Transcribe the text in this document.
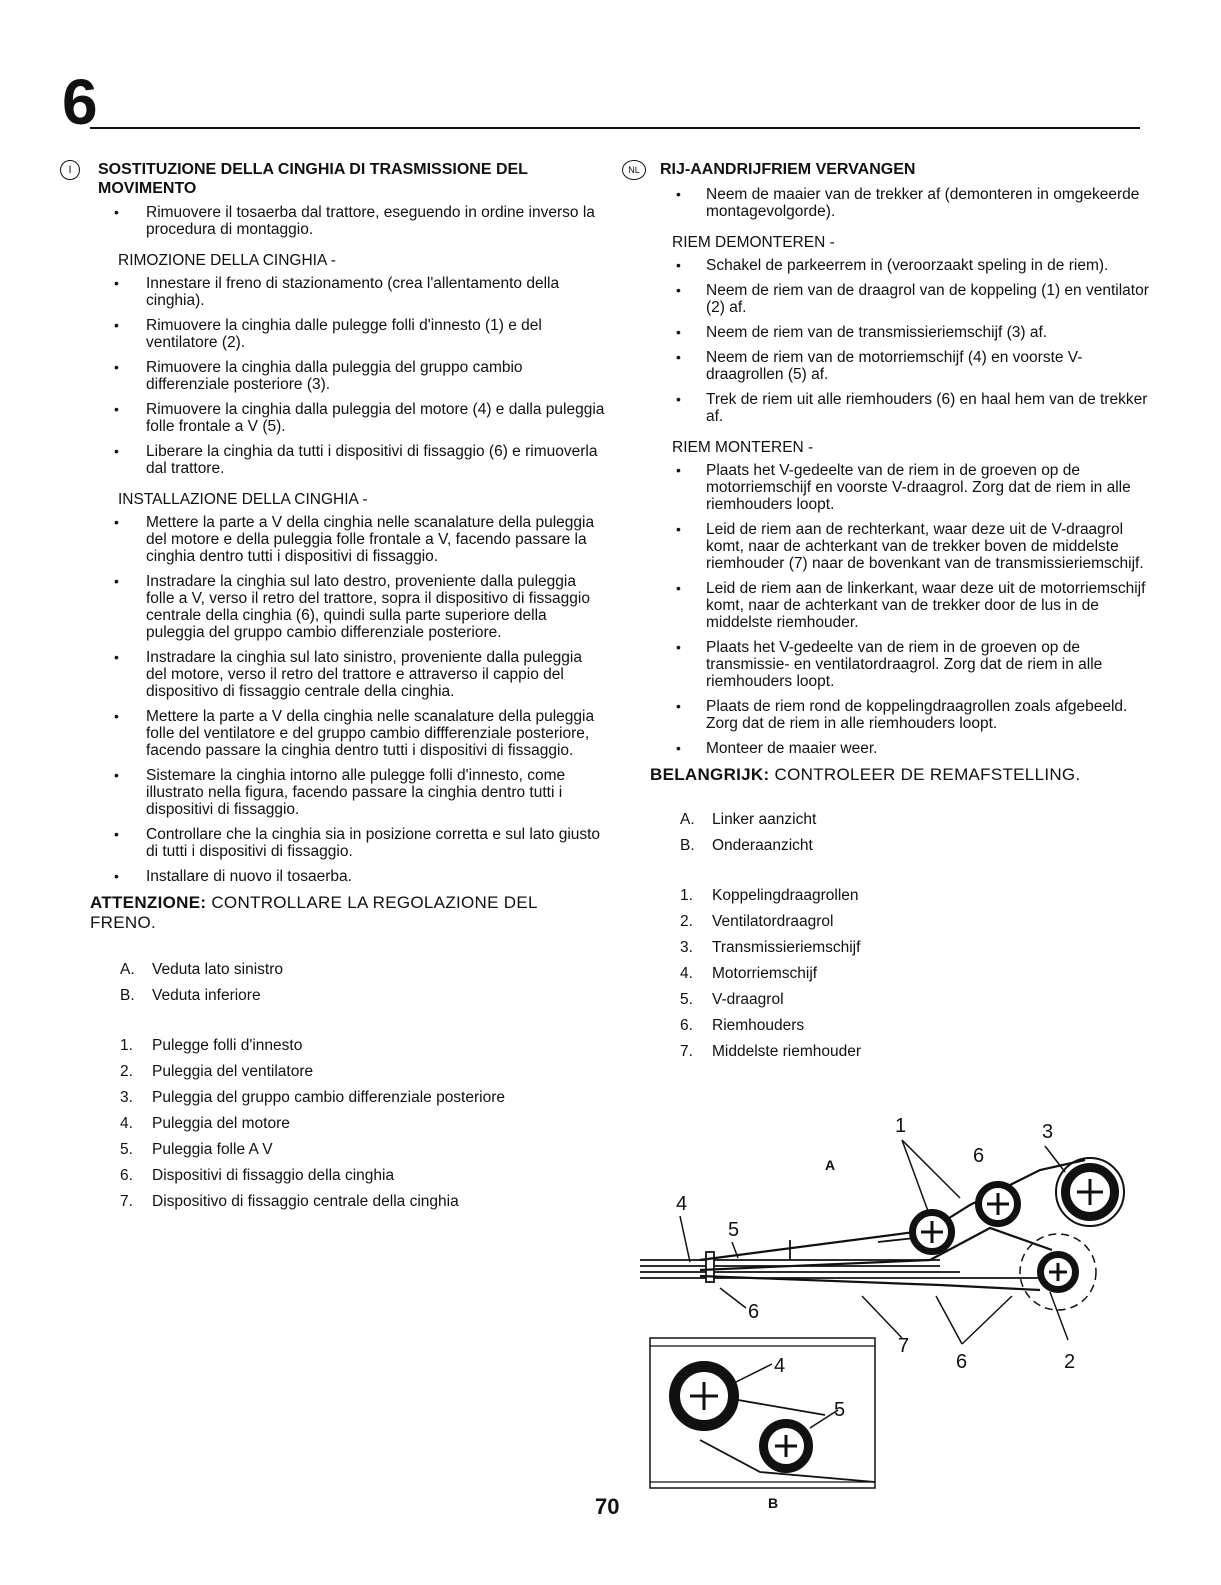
6
I	SOSTITUZIONE DELLA CINGHIA DI TRASMISSIONE DEL MOVIMENTO
• Rimuovere il tosaerba dal trattore, eseguendo in ordine inverso la procedura di montaggio.
RIMOZIONE DELLA CINGHIA -
• Innestare il freno di stazionamento (crea l'allentamento della cinghia).
• Rimuovere la cinghia dalle pulegge folli d'innesto (1) e del ventilatore (2).
• Rimuovere la cinghia dalla puleggia del gruppo cambio differenziale posteriore (3).
• Rimuovere la cinghia dalla puleggia del motore (4) e dalla puleggia folle frontale a V (5).
• Liberare la cinghia da tutti i dispositivi di fissaggio (6) e rimuoverla dal trattore.
INSTALLAZIONE DELLA CINGHIA -
• Mettere la parte a V della cinghia nelle scanalature della puleggia del motore e della puleggia folle frontale a V, facendo passare la cinghia dentro tutti i dispositivi di fissaggio.
• Instradare la cinghia sul lato destro, proveniente dalla puleggia folle a V, verso il retro del trattore, sopra il dispositivo di fissaggio centrale della cinghia (6), quindi sulla parte superiore della puleggia del gruppo cambio differenziale posteriore.
• Instradare la cinghia sul lato sinistro, proveniente dalla puleggia del motore, verso il retro del trattore e attraverso il cappio del dispositivo di fissaggio centrale della cinghia.
• Mettere la parte a V della cinghia nelle scanalature della puleggia folle del ventilatore e del gruppo cambio diffferenziale posteriore, facendo passare la cinghia dentro tutti i dispositivi di fissaggio.
• Sistemare la cinghia intorno alle pulegge folli d'innesto, come illustrato nella figura, facendo passare la cinghia dentro tutti i dispositivi di fissaggio.
• Controllare che la cinghia sia in posizione corretta e sul lato giusto di tutti i dispositivi di fissaggio.
• Installare di nuovo il tosaerba.
ATTENZIONE: CONTROLLARE LA REGOLAZIONE DEL FRENO.
A.	Veduta lato sinistro
B.	Veduta inferiore
1.	Pulegge folli d'innesto
2.	Puleggia del ventilatore
3.	Puleggia del gruppo cambio differenziale posteriore
4.	Puleggia del motore
5.	Puleggia folle A V
6.	Dispositivi di fissaggio della cinghia
7.	Dispositivo di fissaggio centrale della cinghia
NL	RIJ-AANDRIJFRIEM VERVANGEN
• Neem de maaier van de trekker af (demonteren in omgekeerde montagevolgorde).
RIEM DEMONTEREN -
• Schakel de parkeerrem in (veroorzaakt speling in de riem).
• Neem de riem van de draagrol van de koppeling (1) en ventilator (2) af.
• Neem de riem van de transmissieriemschijf (3) af.
• Neem de riem van de motorriemschijf (4) en voorste V-draagrollen (5) af.
• Trek de riem uit alle riemhouders (6) en haal hem van de trekker af.
RIEM MONTEREN -
• Plaats het V-gedeelte van de riem in de groeven op de motorriemschijf en voorste V-draagrol. Zorg dat de riem in alle riemhouders loopt.
• Leid de riem aan de rechterkant, waar deze uit de V-draagrol komt, naar de achterkant van de trekker boven de middelste riemhouder (7) naar de bovenkant van de transmissieriemschijf.
• Leid de riem aan de linkerkant, waar deze uit de motorriemschijf komt, naar de achterkant van de trekker door de lus in de middelste riemhouder.
• Plaats het V-gedeelte van de riem in de groeven op de transmissie- en ventilatordraagrol. Zorg dat de riem in alle riemhouders loopt.
• Plaats de riem rond de koppelingdraagrollen zoals afgebeeld. Zorg dat de riem in alle riemhouders loopt.
• Monteer de maaier weer.
BELANGRIJK: CONTROLEER DE REMAFSTELLING.
A.	Linker aanzicht
B.	Onderaanzicht
1.	Koppelingdraagrollen
2.	Ventilatordraagrol
3.	Transmissieriemschijf
4.	Motorriemschijf
5.	V-draagrol
6.	Riemhouders
7.	Middelste riemhouder
1	3
6
A
4
5
6
7
6	2
4
5
B
70
